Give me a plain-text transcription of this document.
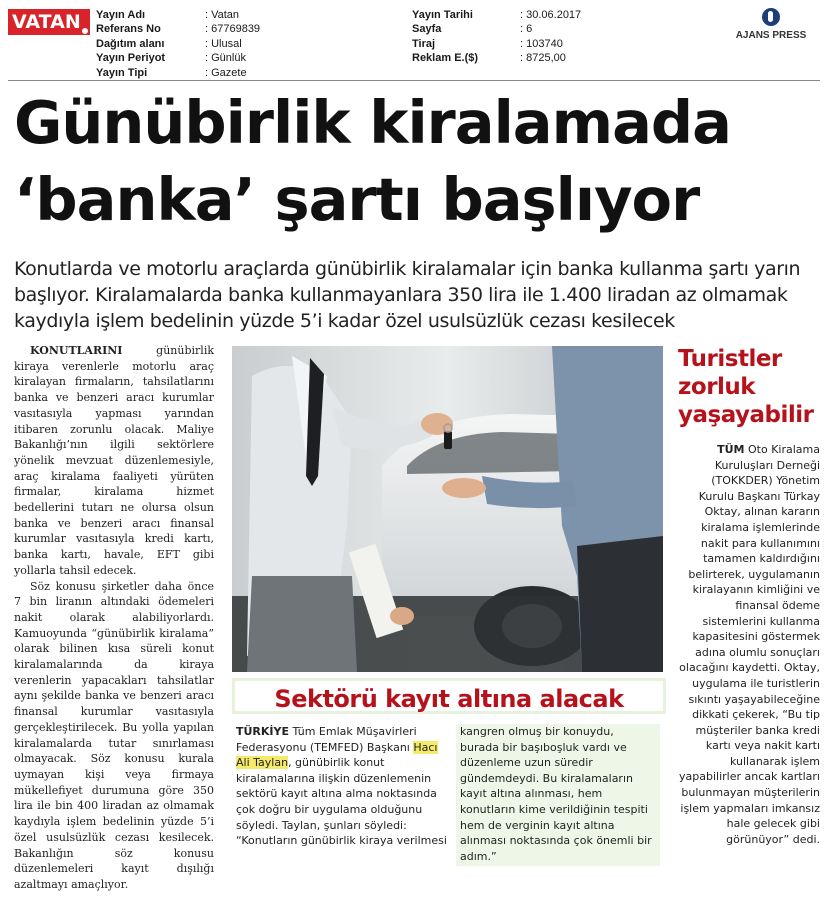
VATAN	Yayın Adı	: Vatan
Referans No	: 67769839
Dağıtım alanı	: Ulusal
Yayın Periyot	: Günlük
Yayın Tipi	: Gazete
Yayın Tarihi	: 30.06.2017
Sayfa	: 6
Tiraj	: 103740
Reklam E.($)	: 8725,00
AJANS PRESS
Günübirlik kiralamada ‘banka’ şartı başlıyor
Konutlarda ve motorlu araçlarda günübirlik kiralamalar için banka kullanma şartı yarın başlıyor. Kiralamalarda banka kullanmayanlara 350 lira ile 1.400 liradan az olmamak kaydıyla işlem bedelinin yüzde 5’i kadar özel usulsüzlük cezası kesilecek

KONUTLARINI günübirlik kiraya verenlerle motorlu araç kiralayan firmaların, tahsilatlarını banka ve benzeri aracı kurumlar vasıtasıyla yapması yarından itibaren zorunlu olacak. Maliye Bakanlığı’nın ilgili sektörlere yönelik mevzuat düzenlemesiyle, araç kiralama faaliyeti yürüten firmalar, kiralama hizmet bedellerini tutarı ne olursa olsun banka ve benzeri aracı finansal kurumlar vasıtasıyla kredi kartı, banka kartı, havale, EFT gibi yollarla tahsil edecek.

Söz konusu şirketler daha önce 7 bin liranın altındaki ödemeleri nakit olarak alabiliyorlardı. Kamuoyunda “günübirlik kiralama” olarak bilinen kısa süreli konut kiralamalarında da kiraya verenlerin yapacakları tahsilatlar aynı şekilde banka ve benzeri aracı finansal kurumlar vasıtasıyla gerçekleştirilecek. Bu yolla yapılan kiralamalarda tutar sınırlaması olmayacak. Söz konusu kurala uymayan kişi veya firmaya mükellefiyet durumuna göre 350 lira ile bin 400 liradan az olmamak kaydıyla işlem bedelinin yüzde 5’i özel usulsüzlük cezası kesilecek. Bakanlığın söz konusu düzenlemeleri kayıt dışılığı azaltmayı amaçlıyor.

Turistler zorluk yaşayabilir
TÜM Oto Kiralama Kuruluşları Derneği (TOKKDER) Yönetim Kurulu Başkanı Türkay Oktay, alınan kararın kiralama işlemlerinde nakit para kullanımını tamamen kaldırdığını belirterek, uygulamanın kiralayanın kimliğini ve finansal ödeme sistemlerini kullanma kapasitesini göstermek adına olumlu sonuçları olacağını kaydetti. Oktay, uygulama ile turistlerin sıkıntı yaşayabileceğine dikkati çekerek, “Bu tip müşteriler banka kredi kartı veya nakit kartı kullanarak işlem yapabilirler ancak kartları bulunmayan müşterilerin işlem yapmaları imkansız hale gelecek gibi görünüyor” dedi.
Sektörü kayıt altına alacak
TÜRKİYE Tüm Emlak Müşavirleri Federasyonu (TEMFED) Başkanı Hacı Ali Taylan, günübirlik konut kiralamalarına ilişkin düzenlemenin sektörü kayıt altına alma noktasında çok doğru bir uygulama olduğunu söyledi. Taylan, şunları söyledi: “Konutların günübirlik kiraya verilmesi
kangren olmuş bir konuydu, burada bir başıboşluk vardı ve düzenleme uzun süredir gündemdeydi. Bu kiralamaların kayıt altına alınması, hem konutların kime verildiğinin tespiti hem de verginin kayıt altına alınması noktasında çok önemli bir adım.”
